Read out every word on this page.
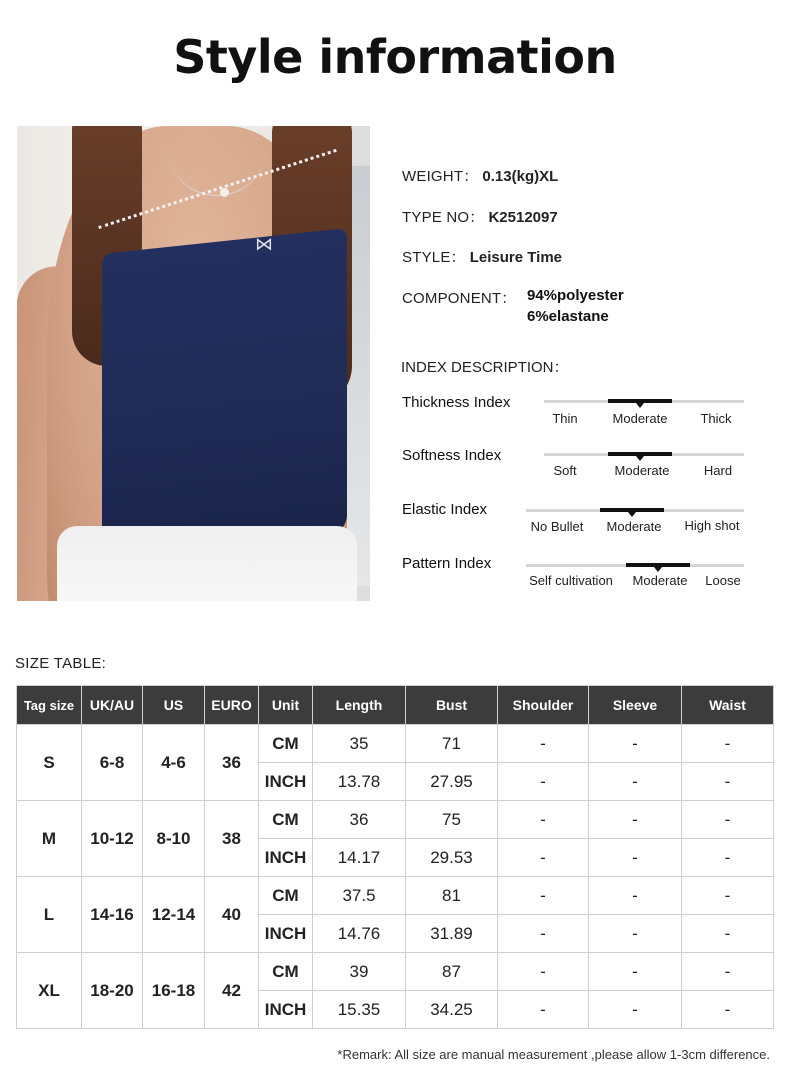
Style information
⋈
WEIGHT： 0.13(kg)XL
TYPE NO： K2512097
STYLE： Leisure Time
COMPONENT： 94%polyester
6%elastane
INDEX DESCRIPTION：
Thickness Index
Thin	Moderate	Thick
Softness Index
Soft	Moderate	Hard
Elastic Index
No Bullet	Moderate	High shot
Pattern Index
Self cultivation	Moderate	Loose
SIZE TABLE:
Tag size	UK/AU	US	EURO	Unit	Length	Bust	Shoulder	Sleeve	Waist
S	6-8	4-6	36	CM	35	71	-	-	-
				INCH	13.78	27.95	-	-	-
M	10-12	8-10	38	CM	36	75	-	-	-
				INCH	14.17	29.53	-	-	-
L	14-16	12-14	40	CM	37.5	81	-	-	-
				INCH	14.76	31.89	-	-	-
XL	18-20	16-18	42	CM	39	87	-	-	-
				INCH	15.35	34.25	-	-	-
*Remark: All size are manual measurement ,please allow 1-3cm difference.
